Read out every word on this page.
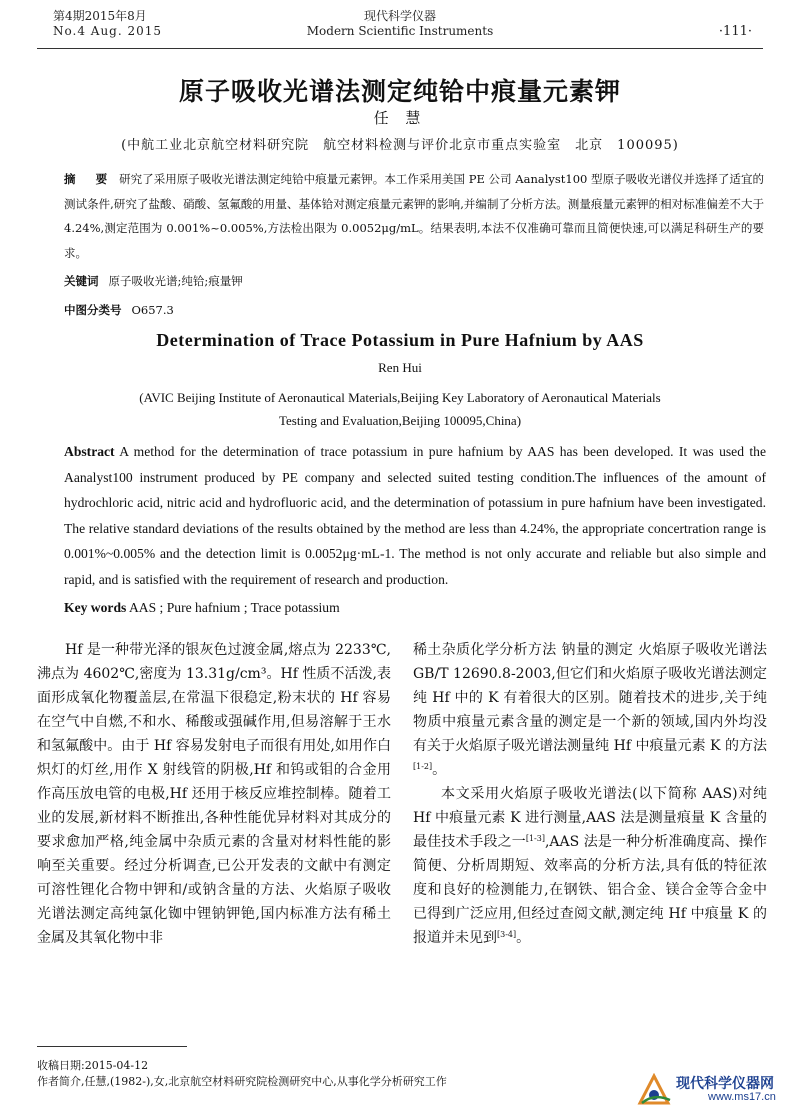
第4期2015年8月
No.4 Aug. 2015
现代科学仪器
Modern Scientific Instruments	·111·
原子吸收光谱法测定纯铪中痕量元素钾
任 慧
(中航工业北京航空材料研究院　航空材料检测与评价北京市重点实验室　北京　100095)
摘 要 研究了采用原子吸收光谱法测定纯铪中痕量元素钾。本工作采用美国 PE 公司 Aanalyst100 型原子吸收光谱仪并选择了适宜的测试条件,研究了盐酸、硝酸、氢氟酸的用量、基体铪对测定痕量元素钾的影响,并编制了分析方法。测量痕量元素钾的相对标准偏差不大于 4.24%,测定范围为 0.001%~0.005%,方法检出限为 0.0052μg/mL。结果表明,本法不仅准确可靠而且简便快速,可以满足科研生产的要求。
关键词 原子吸收光谱;纯铪;痕量钾
中图分类号 O657.3
Determination of Trace Potassium in Pure Hafnium by AAS
Ren Hui
(AVIC Beijing Institute of Aeronautical Materials,Beijing Key Laboratory of Aeronautical Materials
Testing and Evaluation,Beijing 100095,China)
Abstract A method for the determination of trace potassium in pure hafnium by AAS has been developed. It was used the Aanalyst100 instrument produced by PE company and selected suited testing condition.The influences of the amount of hydrochloric acid, nitric acid and hydrofluoric acid, and the determination of potassium in pure hafnium have been investigated. The relative standard deviations of the results obtained by the method are less than 4.24%, the appropriate concertration range is 0.001%~0.005% and the detection limit is 0.0052μg·mL-1. The method is not only accurate and reliable but also simple and rapid, and is satisfied with the requirement of research and production.
Key words AAS ; Pure hafnium ; Trace potassium

Hf 是一种带光泽的银灰色过渡金属,熔点为 2233℃,沸点为 4602℃,密度为 13.31g/cm³。Hf 性质不活泼,表面形成氧化物覆盖层,在常温下很稳定,粉末状的 Hf 容易在空气中自燃,不和水、稀酸或强碱作用,但易溶解于王水和氢氟酸中。由于 Hf 容易发射电子而很有用处,如用作白炽灯的灯丝,用作 X 射线管的阴极,Hf 和钨或钼的合金用作高压放电管的电极,Hf 还用于核反应堆控制棒。随着工业的发展,新材料不断推出,各种性能优异材料对其成分的要求愈加严格,纯金属中杂质元素的含量对材料性能的影响至关重要。经过分析调查,已公开发表的文献中有测定可溶性锂化合物中钾和/或钠含量的方法、火焰原子吸收光谱法测定高纯氯化铷中锂钠钾铯,国内标准方法有稀土金属及其氧化物中非

稀土杂质化学分析方法 钠量的测定 火焰原子吸收光谱法 GB/T 12690.8-2003,但它们和火焰原子吸收光谱法测定纯 Hf 中的 K 有着很大的区别。随着技术的进步,关于纯物质中痕量元素含量的测定是一个新的领域,国内外均没有关于火焰原子吸光谱法测量纯 Hf 中痕量元素 K 的方法[1-2]。

本文采用火焰原子吸收光谱法(以下简称 AAS)对纯 Hf 中痕量元素 K 进行测量,AAS 法是测量痕量 K 含量的最佳技术手段之一[1-3],AAS 法是一种分析准确度高、操作简便、分析周期短、效率高的分析方法,具有低的特征浓度和良好的检测能力,在钢铁、铝合金、镁合金等合金中已得到广泛应用,但经过查阅文献,测定纯 Hf 中痕量 K 的报道并未见到[3-4]。

收稿日期:2015-04-12
作者简介,任慧,(1982-),女,北京航空材料研究院检测研究中心,从事化学分析研究工作	现代科学仪器网
www.ms17.cn
